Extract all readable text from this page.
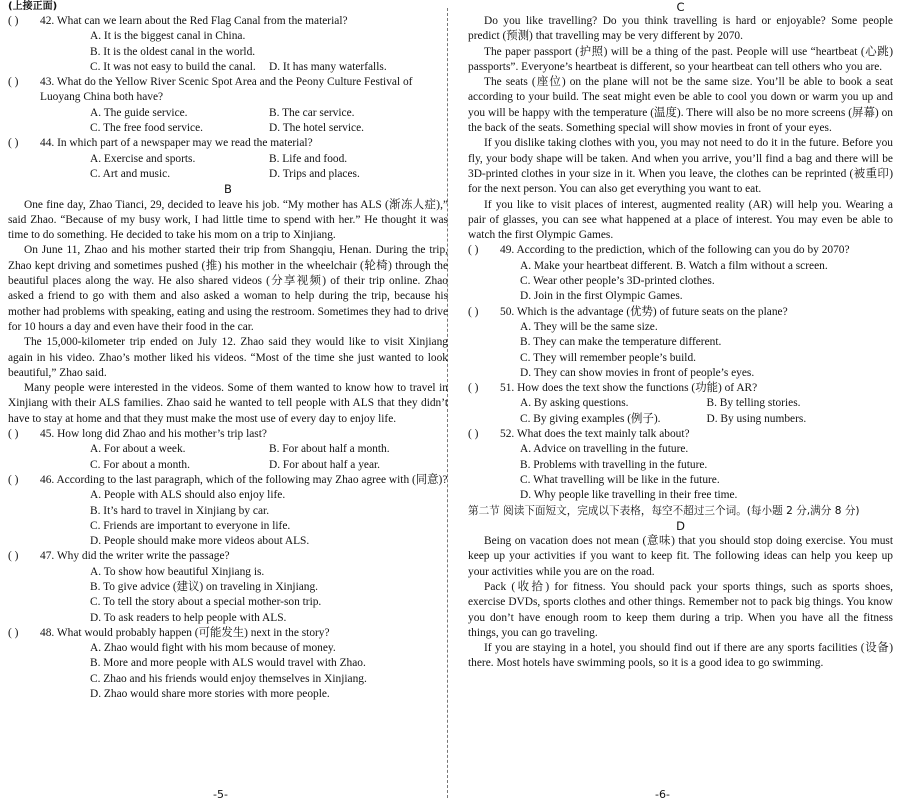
(上接正面)
( )	42. What can we learn about the Red Flag Canal from the material?
A. It is the biggest canal in China.
B. It is the oldest canal in the world.
C. It was not easy to build the canal.	D. It has many waterfalls.
( )	43. What do the Yellow River Scenic Spot Area and the Peony Culture Festival of Luoyang China both have?
A. The guide service.	B. The car service.
C. The free food service.	D. The hotel service.
( )	44. In which part of a newspaper may we read the material?
A. Exercise and sports.	B. Life and food.
C. Art and music.	D. Trips and places.
B
One fine day, Zhao Tianci, 29, decided to leave his job. “My mother has ALS (渐冻人症),” said Zhao. “Because of my busy work, I had little time to spend with her.” He thought it was time to do something. He decided to take his mom on a trip to Xinjiang.
On June 11, Zhao and his mother started their trip from Shangqiu, Henan. During the trip, Zhao kept driving and sometimes pushed (推) his mother in the wheelchair (轮椅) through the beautiful places along the way. He also shared videos (分享视频) of their trip online. Zhao asked a friend to go with them and also asked a woman to help during the trip, because his mother had problems with speaking, eating and using the restroom. Sometimes they had to drive for 10 hours a day and even have their food in the car.
The 15,000-kilometer trip ended on July 12. Zhao said they would like to visit Xinjiang again in his video. Zhao’s mother liked his videos. “Most of the time she just wanted to look beautiful,” Zhao said.
Many people were interested in the videos. Some of them wanted to know how to travel in Xinjiang with their ALS families. Zhao said he wanted to tell people with ALS that they didn’t have to stay at home and that they must make the most use of every day to enjoy life.
( )	45. How long did Zhao and his mother’s trip last?
A. For about a week.	B. For about half a month.
C. For about a month.	D. For about half a year.
( )	46. According to the last paragraph, which of the following may Zhao agree with (同意)?
A. People with ALS should also enjoy life.
B. It’s hard to travel in Xinjiang by car.
C. Friends are important to everyone in life.
D. People should make more videos about ALS.
( )	47. Why did the writer write the passage?
A. To show how beautiful Xinjiang is.
B. To give advice (建议) on traveling in Xinjiang.
C. To tell the story about a special mother-son trip.
D. To ask readers to help people with ALS.
( )	48. What would probably happen (可能发生) next in the story?
A. Zhao would fight with his mom because of money.
B. More and more people with ALS would travel with Zhao.
C. Zhao and his friends would enjoy themselves in Xinjiang.
D. Zhao would share more stories with more people.
-5-
C
Do you like travelling? Do you think travelling is hard or enjoyable? Some people predict (预测) that travelling may be very different by 2070.
The paper passport (护照) will be a thing of the past. People will use “heartbeat (心跳) passports”. Everyone’s heartbeat is different, so your heartbeat can tell others who you are.
The seats (座位) on the plane will not be the same size. You’ll be able to book a seat according to your build. The seat might even be able to cool you down or warm you up and you will be happy with the temperature (温度). There will also be no more screens (屏幕) on the back of the seats. Something special will show movies in front of your eyes.
If you dislike taking clothes with you, you may not need to do it in the future. Before you fly, your body shape will be taken. And when you arrive, you’ll find a bag and there will be 3D-printed clothes in your size in it. When you leave, the clothes can be reprinted (被重印) for the next person. You can also get everything you want to eat.
If you like to visit places of interest, augmented reality (AR) will help you. Wearing a pair of glasses, you can see what happened at a place of interest. You may even be able to watch the first Olympic Games.
( )	49. According to the prediction, which of the following can you do by 2070?
A. Make your heartbeat different. B. Watch a film without a screen.
C. Wear other people’s 3D-printed clothes.
D. Join in the first Olympic Games.
( )	50. Which is the advantage (优势) of future seats on the plane?
A. They will be the same size.
B. They can make the temperature different.
C. They will remember people’s build.
D. They can show movies in front of people’s eyes.
( )	51. How does the text show the functions (功能) of AR?
A. By asking questions.	B. By telling stories.
C. By giving examples (例子).	D. By using numbers.
( )	52. What does the text mainly talk about?
A. Advice on travelling in the future.
B. Problems with travelling in the future.
C. What travelling will be like in the future.
D. Why people like travelling in their free time.
第二节 阅读下面短文，完成以下表格，每空不超过三个词。(每小题 2 分,满分 8 分)
D
Being on vacation does not mean (意味) that you should stop doing exercise. You must keep up your activities if you want to keep fit. The following ideas can help you keep up your activities while you are on the road.
Pack (收拾) for fitness. You should pack your sports things, such as sports shoes, exercise DVDs, sports clothes and other things. Remember not to pack big things. You know you don’t have enough room to keep them during a trip. When you have all the fitness things, you can go traveling.
If you are staying in a hotel, you should find out if there are any sports facilities (设备) there. Most hotels have swimming pools, so it is a good idea to go swimming.
-6-
